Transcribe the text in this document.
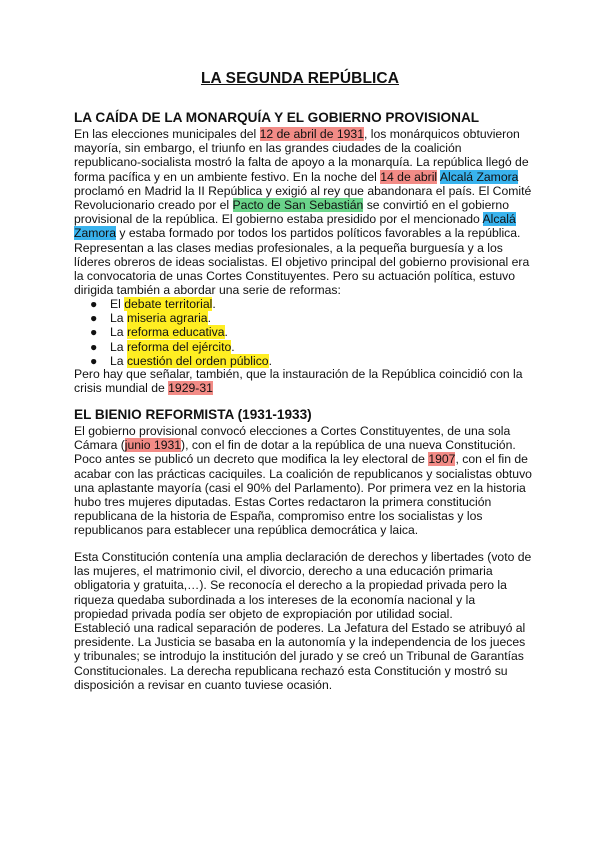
LA SEGUNDA REPÚBLICA
LA CAÍDA DE LA MONARQUÍA Y EL GOBIERNO PROVISIONAL
En las elecciones municipales del 12 de abril de 1931, los monárquicos obtuvieron
mayoría, sin embargo, el triunfo en las grandes ciudades de la coalición
republicano-socialista mostró la falta de apoyo a la monarquía. La república llegó de
forma pacífica y en un ambiente festivo. En la noche del 14 de abril Alcalá Zamora
proclamó en Madrid la II República y exigió al rey que abandonara el país. El Comité
Revolucionario creado por el Pacto de San Sebastián se convirtió en el gobierno
provisional de la república. El gobierno estaba presidido por el mencionado Alcalá
Zamora y estaba formado por todos los partidos políticos favorables a la república.
Representan a las clases medias profesionales, a la pequeña burguesía y a los
líderes obreros de ideas socialistas. El objetivo principal del gobierno provisional era
la convocatoria de unas Cortes Constituyentes. Pero su actuación política, estuvo
dirigida también a abordar una serie de reformas:
● El debate territorial.
● La miseria agraria.
● La reforma educativa.
● La reforma del ejército.
● La cuestión del orden público.
Pero hay que señalar, también, que la instauración de la República coincidió con la
crisis mundial de 1929-31
EL BIENIO REFORMISTA (1931-1933)
El gobierno provisional convocó elecciones a Cortes Constituyentes, de una sola
Cámara (junio 1931), con el fin de dotar a la república de una nueva Constitución.
Poco antes se publicó un decreto que modifica la ley electoral de 1907, con el fin de
acabar con las prácticas caciquiles. La coalición de republicanos y socialistas obtuvo
una aplastante mayoría (casi el 90% del Parlamento). Por primera vez en la historia
hubo tres mujeres diputadas. Estas Cortes redactaron la primera constitución
republicana de la historia de España, compromiso entre los socialistas y los
republicanos para establecer una república democrática y laica.
Esta Constitución contenía una amplia declaración de derechos y libertades (voto de
las mujeres, el matrimonio civil, el divorcio, derecho a una educación primaria
obligatoria y gratuita,…). Se reconocía el derecho a la propiedad privada pero la
riqueza quedaba subordinada a los intereses de la economía nacional y la
propiedad privada podía ser objeto de expropiación por utilidad social.
Estableció una radical separación de poderes. La Jefatura del Estado se atribuyó al
presidente. La Justicia se basaba en la autonomía y la independencia de los jueces
y tribunales; se introdujo la institución del jurado y se creó un Tribunal de Garantías
Constitucionales. La derecha republicana rechazó esta Constitución y mostró su
disposición a revisar en cuanto tuviese ocasión.
